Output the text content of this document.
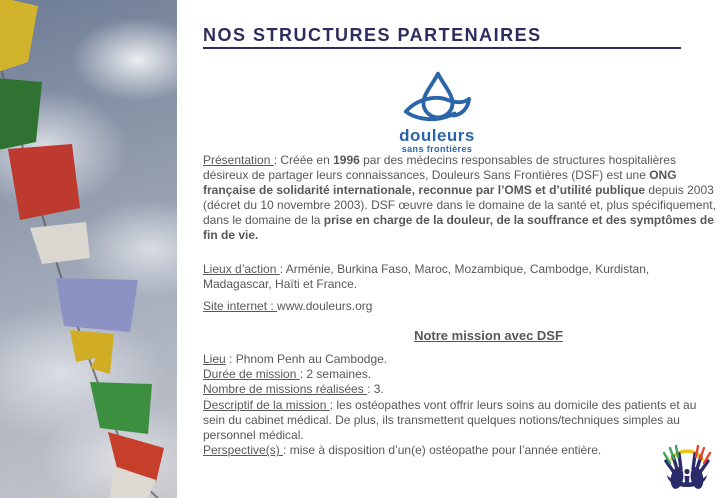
NOS STRUCTURES PARTENAIRES
douleurs
sans frontières

Présentation : Créée en 1996 par des médecins responsables de structures hospitalières désireux de partager leurs connaissances, Douleurs Sans Frontières (DSF) est une ONG française de solidarité internationale, reconnue par l’OMS et d’utilité publique depuis 2003 (décret du 10 novembre 2003). DSF œuvre dans le domaine de la santé et, plus spécifiquement, dans le domaine de la prise en charge de la douleur, de la souffrance et des symptômes de fin de vie.

Lieux d’action : Arménie, Burkina Faso, Maroc, Mozambique, Cambodge, Kurdistan, Madagascar, Haïti et France.

Site internet : www.douleurs.org

Notre mission avec DSF

Lieu : Phnom Penh au Cambodge.

Durée de mission : 2 semaines.

Nombre de missions réalisées : 3.

Descriptif de la mission : les ostéopathes vont offrir leurs soins au domicile des patients et au sein du cabinet médical. De plus, ils transmettent quelques notions/techniques simples au personnel médical.

Perspective(s) : mise à disposition d’un(e) ostéopathe pour l’année entière.
